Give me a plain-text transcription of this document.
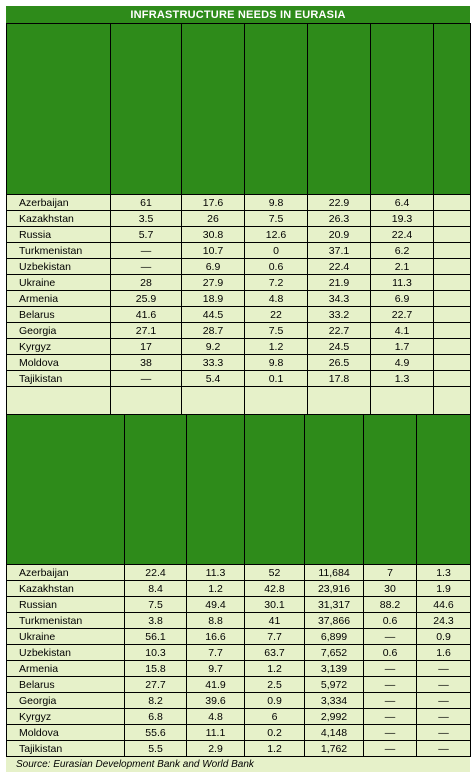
INFRASTRUCTURE NEEDS IN EURASIA

Azerbaijan	61	17.6	9.8	22.9	6.4	
Kazakhstan	3.5	26	7.5	26.3	19.3	
Russia	5.7	30.8	12.6	20.9	22.4	
Turkmenistan	—	10.7	0	37.1	6.2	
Uzbekistan	—	6.9	0.6	22.4	2.1	
Ukraine	28	27.9	7.2	21.9	11.3	
Armenia	25.9	18.9	4.8	34.3	6.9	
Belarus	41.6	44.5	22	33.2	22.7	
Georgia	27.1	28.7	7.5	22.7	4.1	
Kyrgyz	17	9.2	1.2	24.5	1.7	
Moldova	38	33.3	9.8	26.5	4.9	
Tajikistan	—	5.4	0.1	17.8	1.3	

Azerbaijan	22.4	11.3	52	11,684	7	1.3
Kazakhstan	8.4	1.2	42.8	23,916	30	1.9
Russian	7.5	49.4	30.1	31,317	88.2	44.6
Turkmenistan	3.8	8.8	41	37,866	0.6	24.3
Ukraine	56.1	16.6	7.7	6,899	—	0.9
Uzbekistan	10.3	7.7	63.7	7,652	0.6	1.6
Armenia	15.8	9.7	1.2	3,139	—	—
Belarus	27.7	41.9	2.5	5,972	—	—
Georgia	8.2	39.6	0.9	3,334	—	—
Kyrgyz	6.8	4.8	6	2,992	—	—
Moldova	55.6	11.1	0.2	4,148	—	—
Tajikistan	5.5	2.9	1.2	1,762	—	—
Source: Eurasian Development Bank and World Bank
